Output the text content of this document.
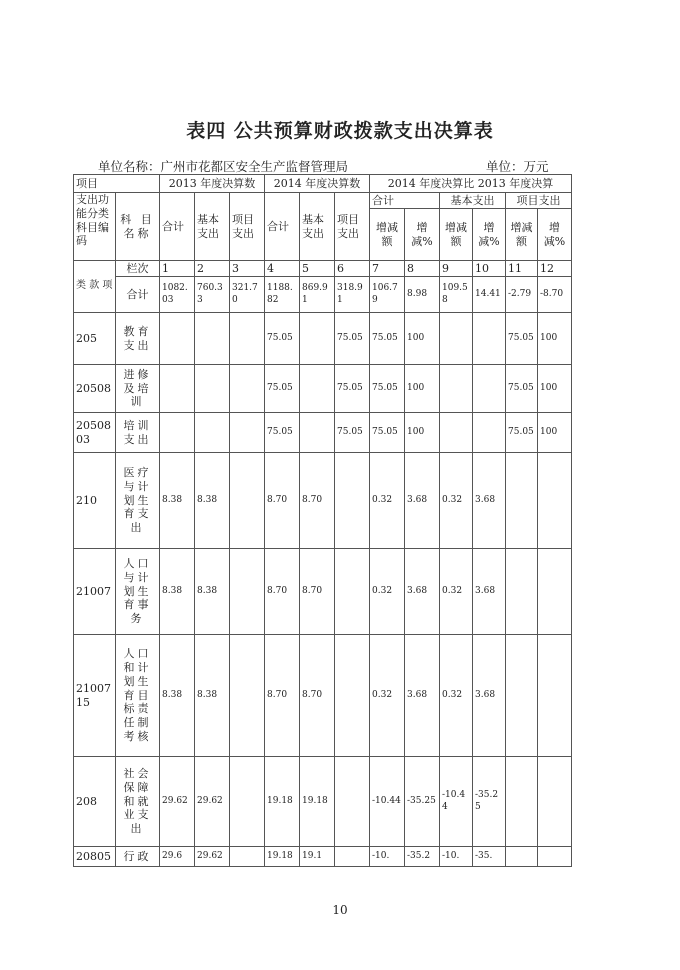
表四 公共预算财政拨款支出决算表
单位名称：广州市花都区安全生产监督管理局	单位：万元
项目		2013 年度决算数			2014 年度决算数			2014 年度决算比 2013 年度决算					
支出功能分类科目编码	科 目 名称	合计	基本支出	项目支出	合计	基本支出	项目支出	合计		基本支出		项目支出	
								增减额	增减%	增减额	增减%	增减额	增减%
类 款 项	栏次	1	2	3	4	5	6	7	8	9	10	11	12
	合计	1082.03	760.33	321.70	1188.82	869.91	318.91	106.79	8.98	109.58	14.41	-2.79	-8.70
205	教育支出				75.05		75.05	75.05	100			75.05	100
20508	进修及培训				75.05		75.05	75.05	100			75.05	100
2050803	培训支出				75.05		75.05	75.05	100			75.05	100
210	医疗与计划生育支出	8.38	8.38		8.70	8.70		0.32	3.68	0.32	3.68		
21007	人口与计划生育事务	8.38	8.38		8.70	8.70		0.32	3.68	0.32	3.68		
2100715	人口和计划生育目标责任制考核	8.38	8.38		8.70	8.70		0.32	3.68	0.32	3.68		
208	社会保障和就业支出	29.62	29.62		19.18	19.18		-10.44	-35.25	-10.44	-35.25		
20805	行政	29.6	29.62		19.18	19.1		-10.	-35.2	-10.	-35.		
10
